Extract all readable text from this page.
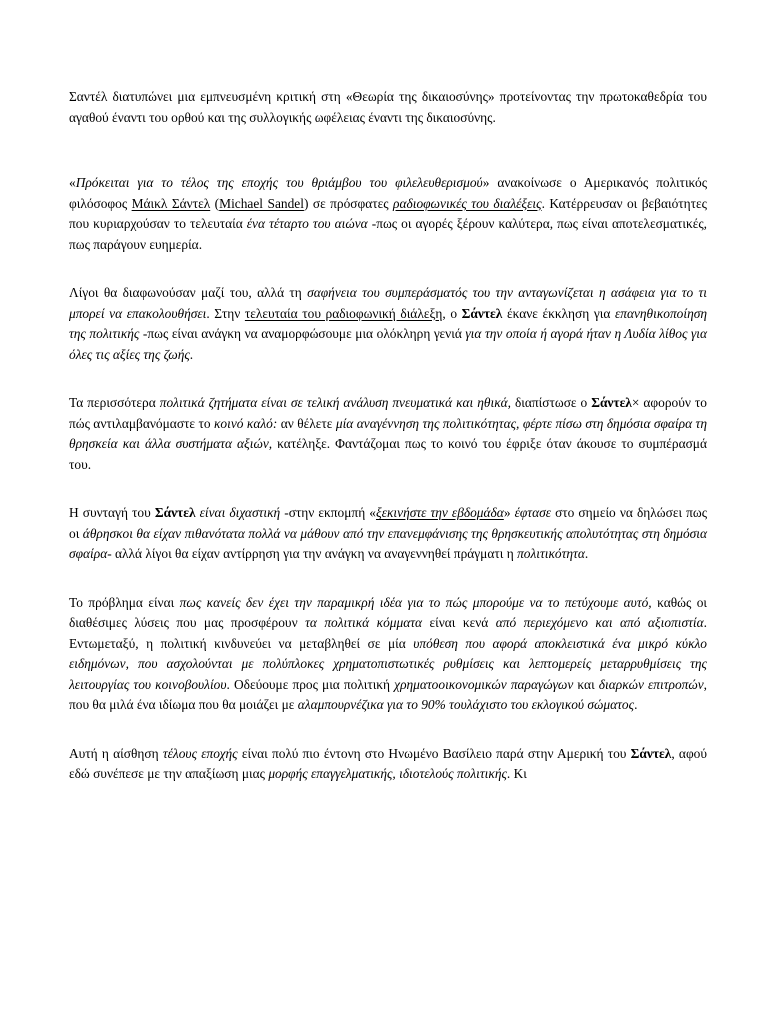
Σαντέλ διατυπώνει μια εμπνευσμένη κριτική στη «Θεωρία της δικαιοσύνης» προτείνοντας την πρωτοκαθεδρία του αγαθού έναντι του ορθού και της συλλογικής ωφέλειας έναντι της δικαιοσύνης.

«Πρόκειται για το τέλος της εποχής του θριάμβου του φιλελευθερισμού» ανακοίνωσε ο Αμερικανός πολιτικός φιλόσοφος Μάικλ Σάντελ (Michael Sandel) σε πρόσφατες ραδιοφωνικές του διαλέξεις. Κατέρρευσαν οι βεβαιότητες που κυριαρχούσαν το τελευταία ένα τέταρτο του αιώνα -πως οι αγορές ξέρουν καλύτερα, πως είναι αποτελεσματικές, πως παράγουν ευημερία.

Λίγοι θα διαφωνούσαν μαζί του, αλλά τη σαφήνεια του συμπεράσματός του την ανταγωνίζεται η ασάφεια για το τι μπορεί να επακολουθήσει. Στην τελευταία του ραδιοφωνική διάλεξη, ο Σάντελ έκανε έκκληση για επανηθικοποίηση της πολιτικής -πως είναι ανάγκη να αναμορφώσουμε μια ολόκληρη γενιά για την οποία ή αγορά ήταν η Λυδία λίθος για όλες τις αξίες της ζωής.

Τα περισσότερα πολιτικά ζητήματα είναι σε τελική ανάλυση πνευματικά και ηθικά, διαπίστωσε ο Σάντελ× αφορούν το πώς αντιλαμβανόμαστε το κοινό καλό: αν θέλετε μία αναγέννηση της πολιτικότητας, φέρτε πίσω στη δημόσια σφαίρα τη θρησκεία και άλλα συστήματα αξιών, κατέληξε. Φαντάζομαι πως το κοινό του έφριξε όταν άκουσε το συμπέρασμά του.

Η συνταγή του Σάντελ είναι διχαστική -στην εκπομπή «ξεκινήστε την εβδομάδα» έφτασε στο σημείο να δηλώσει πως οι άθρησκοι θα είχαν πιθανότατα πολλά να μάθουν από την επανεμφάνισης της θρησκευτικής απολυτότητας στη δημόσια σφαίρα- αλλά λίγοι θα είχαν αντίρρηση για την ανάγκη να αναγεννηθεί πράγματι η πολιτικότητα.

Το πρόβλημα είναι πως κανείς δεν έχει την παραμικρή ιδέα για το πώς μπορούμε να το πετύχουμε αυτό, καθώς οι διαθέσιμες λύσεις που μας προσφέρουν τα πολιτικά κόμματα είναι κενά από περιεχόμενο και από αξιοπιστία. Εντωμεταξύ, η πολιτική κινδυνεύει να μεταβληθεί σε μία υπόθεση που αφορά αποκλειστικά ένα μικρό κύκλο ειδημόνων, που ασχολούνται με πολύπλοκες χρηματοπιστωτικές ρυθμίσεις και λεπτομερείς μεταρρυθμίσεις της λειτουργίας του κοινοβουλίου. Οδεύουμε προς μια πολιτική χρηματοοικονομικών παραγώγων και διαρκών επιτροπών, που θα μιλά ένα ιδίωμα που θα μοιάζει με αλαμπουρνέζικα για το 90% τουλάχιστο του εκλογικού σώματος.

Αυτή η αίσθηση τέλους εποχής είναι πολύ πιο έντονη στο Ηνωμένο Βασίλειο παρά στην Αμερική του Σάντελ, αφού εδώ συνέπεσε με την απαξίωση μιας μορφής επαγγελματικής, ιδιοτελούς πολιτικής. Κι
